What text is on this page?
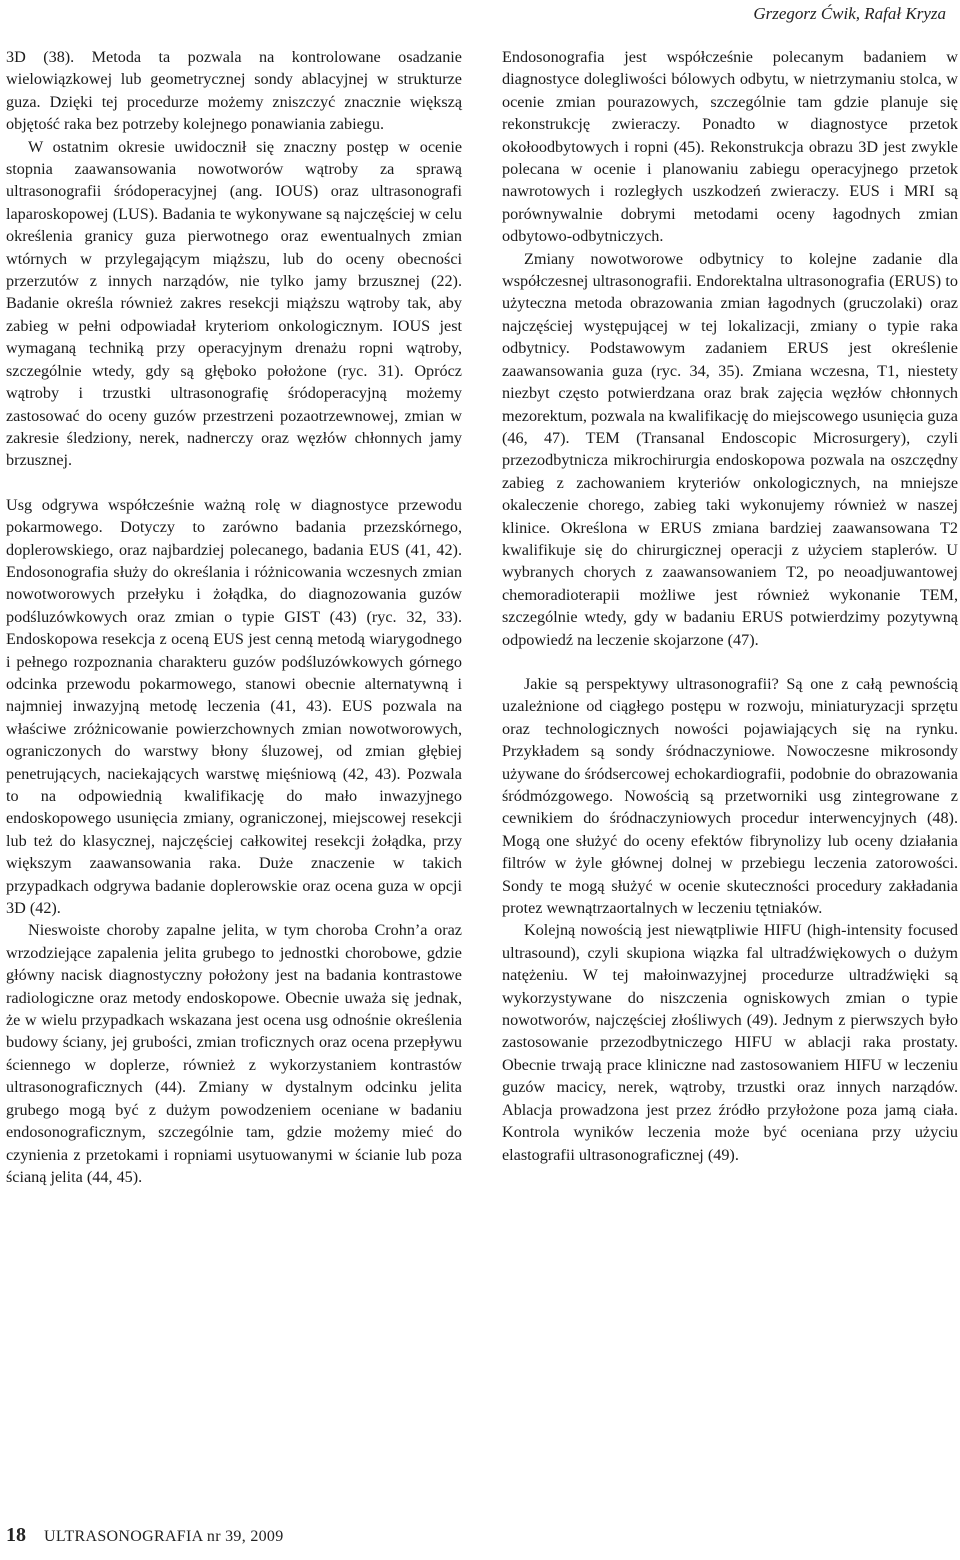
Grzegorz Ćwik, Rafał Kryza

3D (38). Metoda ta pozwala na kontrolowane osadzanie wielowiązkowej lub geometrycznej sondy ablacyjnej w strukturze guza. Dzięki tej procedurze możemy zniszczyć znacznie większą objętość raka bez potrzeby kolejnego ponawiania zabiegu.

W ostatnim okresie uwidocznił się znaczny postęp w ocenie stopnia zaawansowania nowotworów wątroby za sprawą ultrasonografii śródoperacyjnej (ang. IOUS) oraz ultrasonografi laparoskopowej (LUS). Badania te wykonywane są najczęściej w celu określenia granicy guza pierwotnego oraz ewentualnych zmian wtórnych w przylegającym miąższu, lub do oceny obecności przerzutów z innych narządów, nie tylko jamy brzusznej (22). Badanie określa również zakres resekcji miąższu wątroby tak, aby zabieg w pełni odpowiadał kryteriom onkologicznym. IOUS jest wymaganą techniką przy operacyjnym drenażu ropni wątroby, szczególnie wtedy, gdy są głęboko położone (ryc. 31). Oprócz wątroby i trzustki ultrasonografię śródoperacyjną możemy zastosować do oceny guzów przestrzeni pozaotrzewnowej, zmian w zakresie śledziony, nerek, nadnerczy oraz węzłów chłonnych jamy brzusznej.

Usg odgrywa współcześnie ważną rolę w diagnostyce przewodu pokarmowego. Dotyczy to zarówno badania przezskórnego, doplerowskiego, oraz najbardziej polecanego, badania EUS (41, 42). Endosonografia służy do określania i różnicowania wczesnych zmian nowotworowych przełyku i żołądka, do diagnozowania guzów podśluzówkowych oraz zmian o typie GIST (43) (ryc. 32, 33). Endoskopowa resekcja z oceną EUS jest cenną metodą wiarygodnego i pełnego rozpoznania charakteru guzów podśluzówkowych górnego odcinka przewodu pokarmowego, stanowi obecnie alternatywną i najmniej inwazyjną metodę leczenia (41, 43). EUS pozwala na właściwe zróżnicowanie powierzchownych zmian nowotworowych, ograniczonych do warstwy błony śluzowej, od zmian głębiej penetrujących, naciekających warstwę mięśniową (42, 43). Pozwala to na odpowiednią kwalifikację do mało inwazyjnego endoskopowego usunięcia zmiany, ograniczonej, miejscowej resekcji lub też do klasycznej, najczęściej całkowitej resekcji żołądka, przy większym zaawansowania raka. Duże znaczenie w takich przypadkach odgrywa badanie doplerowskie oraz ocena guza w opcji 3D (42).

Nieswoiste choroby zapalne jelita, w tym choroba Crohn’a oraz wrzodziejące zapalenia jelita grubego to jednostki chorobowe, gdzie główny nacisk diagnostyczny położony jest na badania kontrastowe radiologiczne oraz metody endoskopowe. Obecnie uważa się jednak, że w wielu przypadkach wskazana jest ocena usg odnośnie określenia budowy ściany, jej grubości, zmian troficznych oraz ocena przepływu ściennego w doplerze, również z wykorzystaniem kontrastów ultrasonograficznych (44). Zmiany w dystalnym odcinku jelita grubego mogą być z dużym powodzeniem oceniane w badaniu endosonograficznym, szczególnie tam, gdzie możemy mieć do czynienia z przetokami i ropniami usytuowanymi w ścianie lub poza ścianą jelita (44, 45).

Endosonografia jest współcześnie polecanym badaniem w diagnostyce dolegliwości bólowych odbytu, w nietrzymaniu stolca, w ocenie zmian pourazowych, szczególnie tam gdzie planuje się rekonstrukcję zwieraczy. Ponadto w diagnostyce przetok okołoodbytowych i ropni (45). Rekonstrukcja obrazu 3D jest zwykle polecana w ocenie i planowaniu zabiegu operacyjnego przetok nawrotowych i rozległych uszkodzeń zwieraczy. EUS i MRI są porównywalnie dobrymi metodami oceny łagodnych zmian odbytowo-odbytniczych.

Zmiany nowotworowe odbytnicy to kolejne zadanie dla współczesnej ultrasonografii. Endorektalna ultrasonografia (ERUS) to użyteczna metoda obrazowania zmian łagodnych (gruczolaki) oraz najczęściej występującej w tej lokalizacji, zmiany o typie raka odbytnicy. Podstawowym zadaniem ERUS jest określenie zaawansowania guza (ryc. 34, 35). Zmiana wczesna, T1, niestety niezbyt często potwierdzana oraz brak zajęcia węzłów chłonnych mezorektum, pozwala na kwalifikację do miejscowego usunięcia guza (46, 47). TEM (Transanal Endoscopic Microsurgery), czyli przezodbytnicza mikrochirurgia endoskopowa pozwala na oszczędny zabieg z zachowaniem kryteriów onkologicznych, na mniejsze okaleczenie chorego, zabieg taki wykonujemy również w naszej klinice. Określona w ERUS zmiana bardziej zaawansowana T2 kwalifikuje się do chirurgicznej operacji z użyciem staplerów. U wybranych chorych z zaawansowaniem T2, po neoadjuwantowej chemoradioterapii możliwe jest również wykonanie TEM, szczególnie wtedy, gdy w badaniu ERUS potwierdzimy pozytywną odpowiedź na leczenie skojarzone (47).

Jakie są perspektywy ultrasonografii? Są one z całą pewnością uzależnione od ciągłego postępu w rozwoju, miniaturyzacji sprzętu oraz technologicznych nowości pojawiających się na rynku. Przykładem są sondy śródnaczyniowe. Nowoczesne mikrosondy używane do śródsercowej echokardiografii, podobnie do obrazowania śródmózgowego. Nowością są przetworniki usg zintegrowane z cewnikiem do śródnaczyniowych procedur interwencyjnych (48). Mogą one służyć do oceny efektów fibrynolizy lub oceny działania filtrów w żyle głównej dolnej w przebiegu leczenia zatorowości. Sondy te mogą służyć w ocenie skuteczności procedury zakładania protez wewnątrzaortalnych w leczeniu tętniaków.

Kolejną nowością jest niewątpliwie HIFU (high-intensity focused ultrasound), czyli skupiona wiązka fal ultradźwiękowych o dużym natężeniu. W tej małoinwazyjnej procedurze ultradźwięki są wykorzystywane do niszczenia ogniskowych zmian o typie nowotworów, najczęściej złośliwych (49). Jednym z pierwszych było zastosowanie przezodbytniczego HIFU w ablacji raka prostaty. Obecnie trwają prace kliniczne nad zastosowaniem HIFU w leczeniu guzów macicy, nerek, wątroby, trzustki oraz innych narządów. Ablacja prowadzona jest przez źródło przyłożone poza jamą ciała. Kontrola wyników leczenia może być oceniana przy użyciu elastografii ultrasonograficznej (49).

18 ULTRASONOGRAFIA nr 39, 2009
